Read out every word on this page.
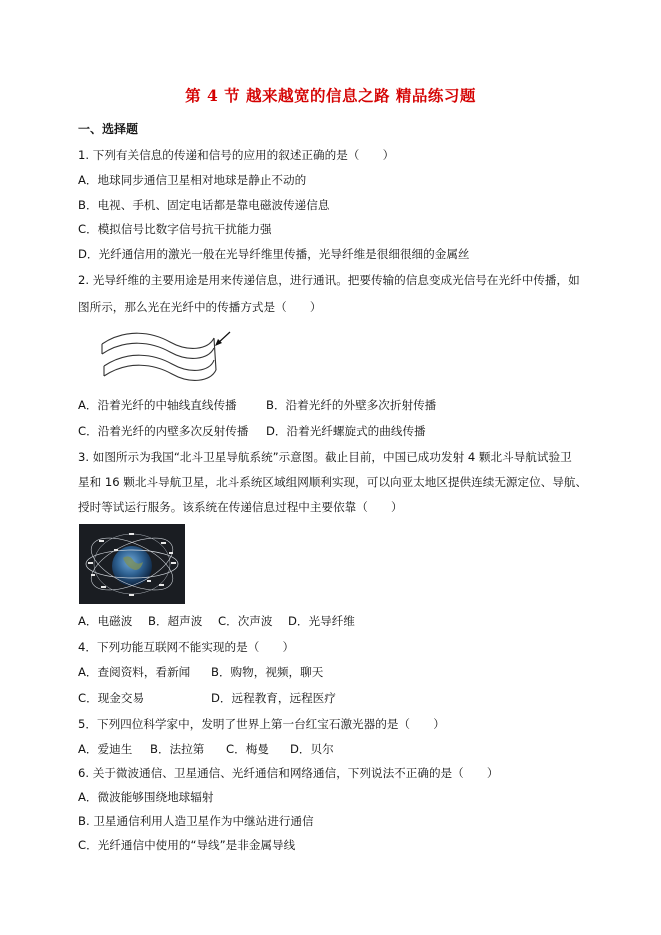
第 4 节 越来越宽的信息之路 精品练习题
一、选择题
1. 下列有关信息的传递和信号的应用的叙述正确的是（　　）
A．地球同步通信卫星相对地球是静止不动的
B．电视、手机、固定电话都是靠电磁波传递信息
C．模拟信号比数字信号抗干扰能力强
D．光纤通信用的激光一般在光导纤维里传播，光导纤维是很细很细的金属丝
2. 光导纤维的主要用途是用来传递信息，进行通讯。把要传输的信息变成光信号在光纤中传播，如
图所示，那么光在光纤中的传播方式是（　　）
A．沿着光纤的中轴线直线传播	B．沿着光纤的外壁多次折射传播
C．沿着光纤的内壁多次反射传播 D．沿着光纤螺旋式的曲线传播
3. 如图所示为我国“北斗卫星导航系统”示意图。截止目前，中国已成功发射 4 颗北斗导航试验卫
星和 16 颗北斗导航卫星，北斗系统区域组网顺利实现，可以向亚太地区提供连续无源定位、导航、
授时等试运行服务。该系统在传递信息过程中主要依靠（　　）
A．电磁波 B．超声波 C．次声波 D．光导纤维
4．下列功能互联网不能实现的是（　　）
A．查阅资料，看新闻 B．购物，视频，聊天
C．现金交易	D．远程教育，远程医疗
5．下列四位科学家中，发明了世界上第一台红宝石激光器的是（　　）
A．爱迪生 B．法拉第 C．梅曼 D．贝尔
6. 关于微波通信、卫星通信、光纤通信和网络通信，下列说法不正确的是（　　）
A．微波能够围绕地球辐射
B. 卫星通信利用人造卫星作为中继站进行通信
C．光纤通信中使用的“导线”是非金属导线
